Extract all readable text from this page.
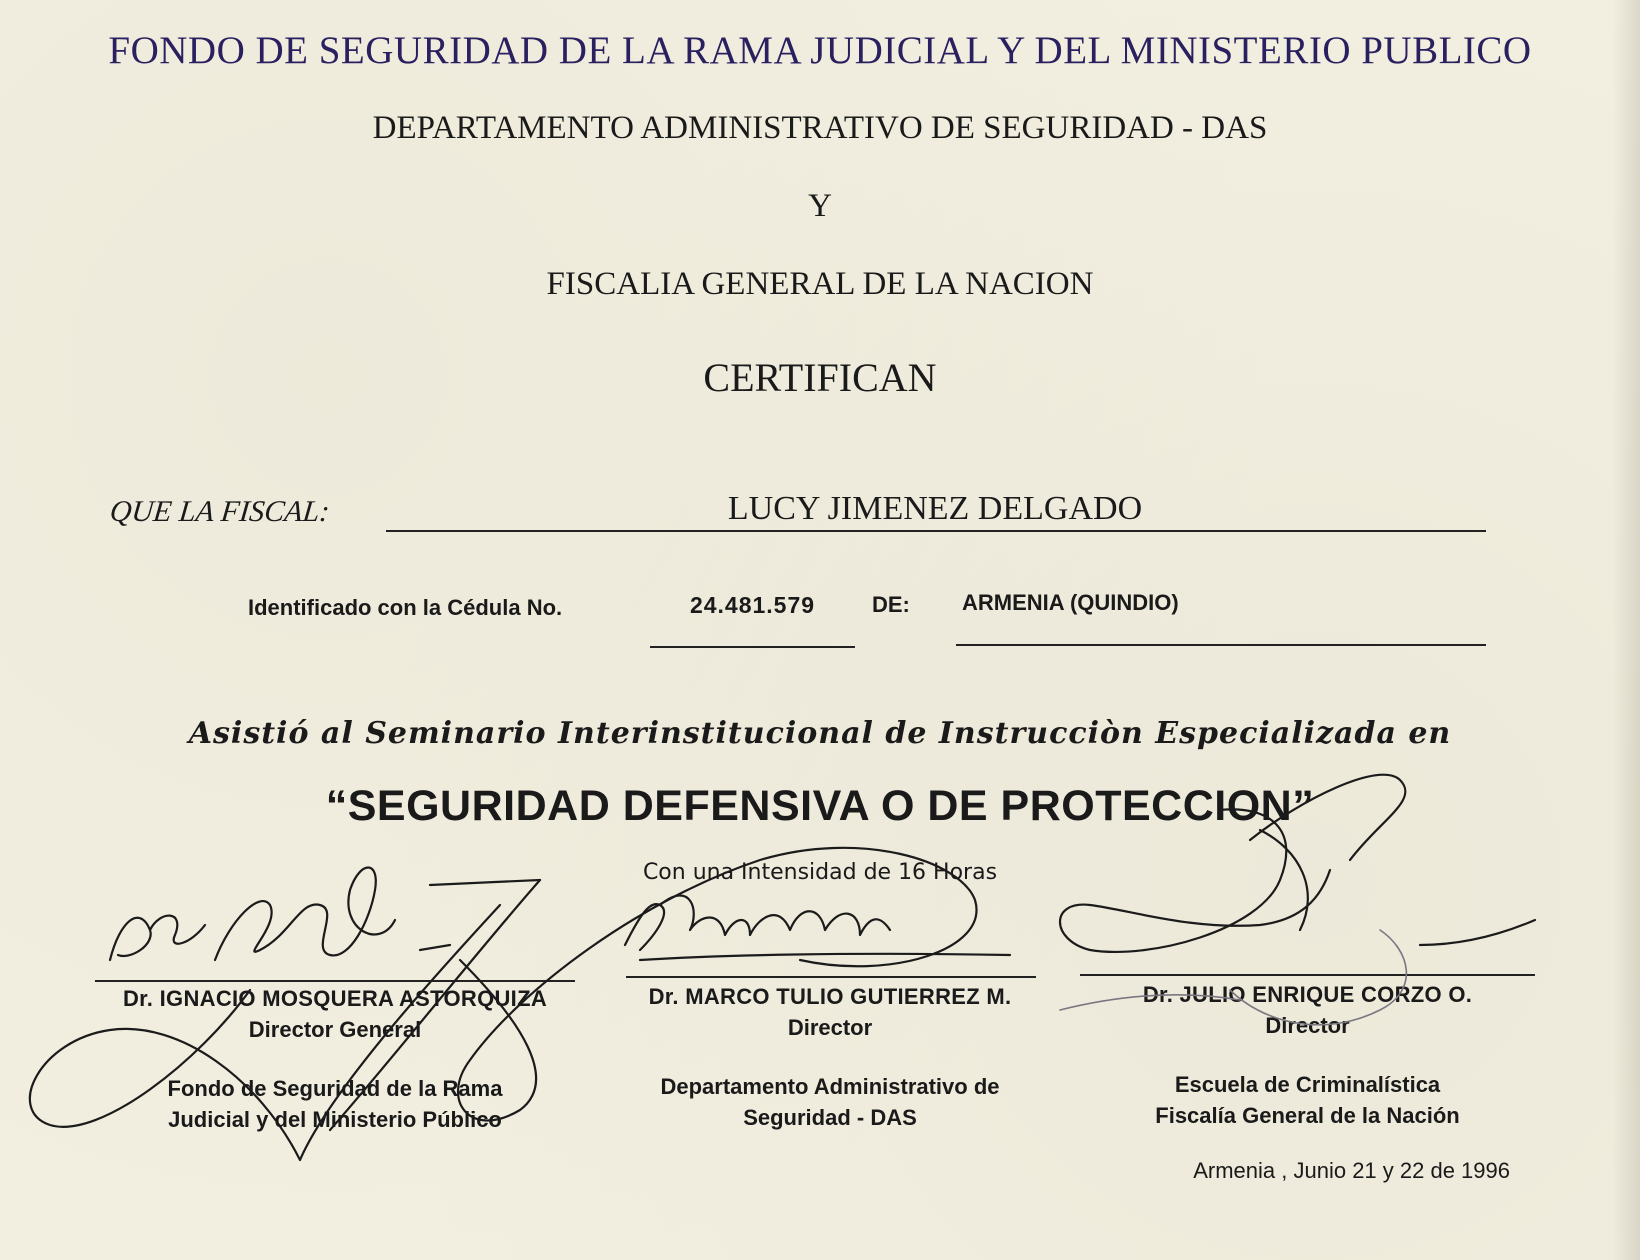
FONDO DE SEGURIDAD DE LA RAMA JUDICIAL Y DEL MINISTERIO PUBLICO
DEPARTAMENTO ADMINISTRATIVO DE SEGURIDAD - DAS
Y
FISCALIA GENERAL DE LA NACION
CERTIFICAN
QUE LA FISCAL:	LUCY JIMENEZ DELGADO
Identificado con la Cédula No.	24.481.579	DE: ARMENIA (QUINDIO)
Asistió al Seminario Interinstitucional de Instrucciòn Especializada en
“SEGURIDAD DEFENSIVA O DE PROTECCION”
Con una Intensidad de 16 Horas
Dr. IGNACIO MOSQUERA ASTORQUIZA
Director General
Fondo de Seguridad de la Rama
Judicial y del Ministerio Público
Dr. MARCO TULIO GUTIERREZ M.
Director
Departamento Administrativo de
Seguridad - DAS
Dr. JULIO ENRIQUE CORZO O.
Director
Escuela de Criminalística
Fiscalía General de la Nación
Armenia , Junio 21 y 22 de 1996
